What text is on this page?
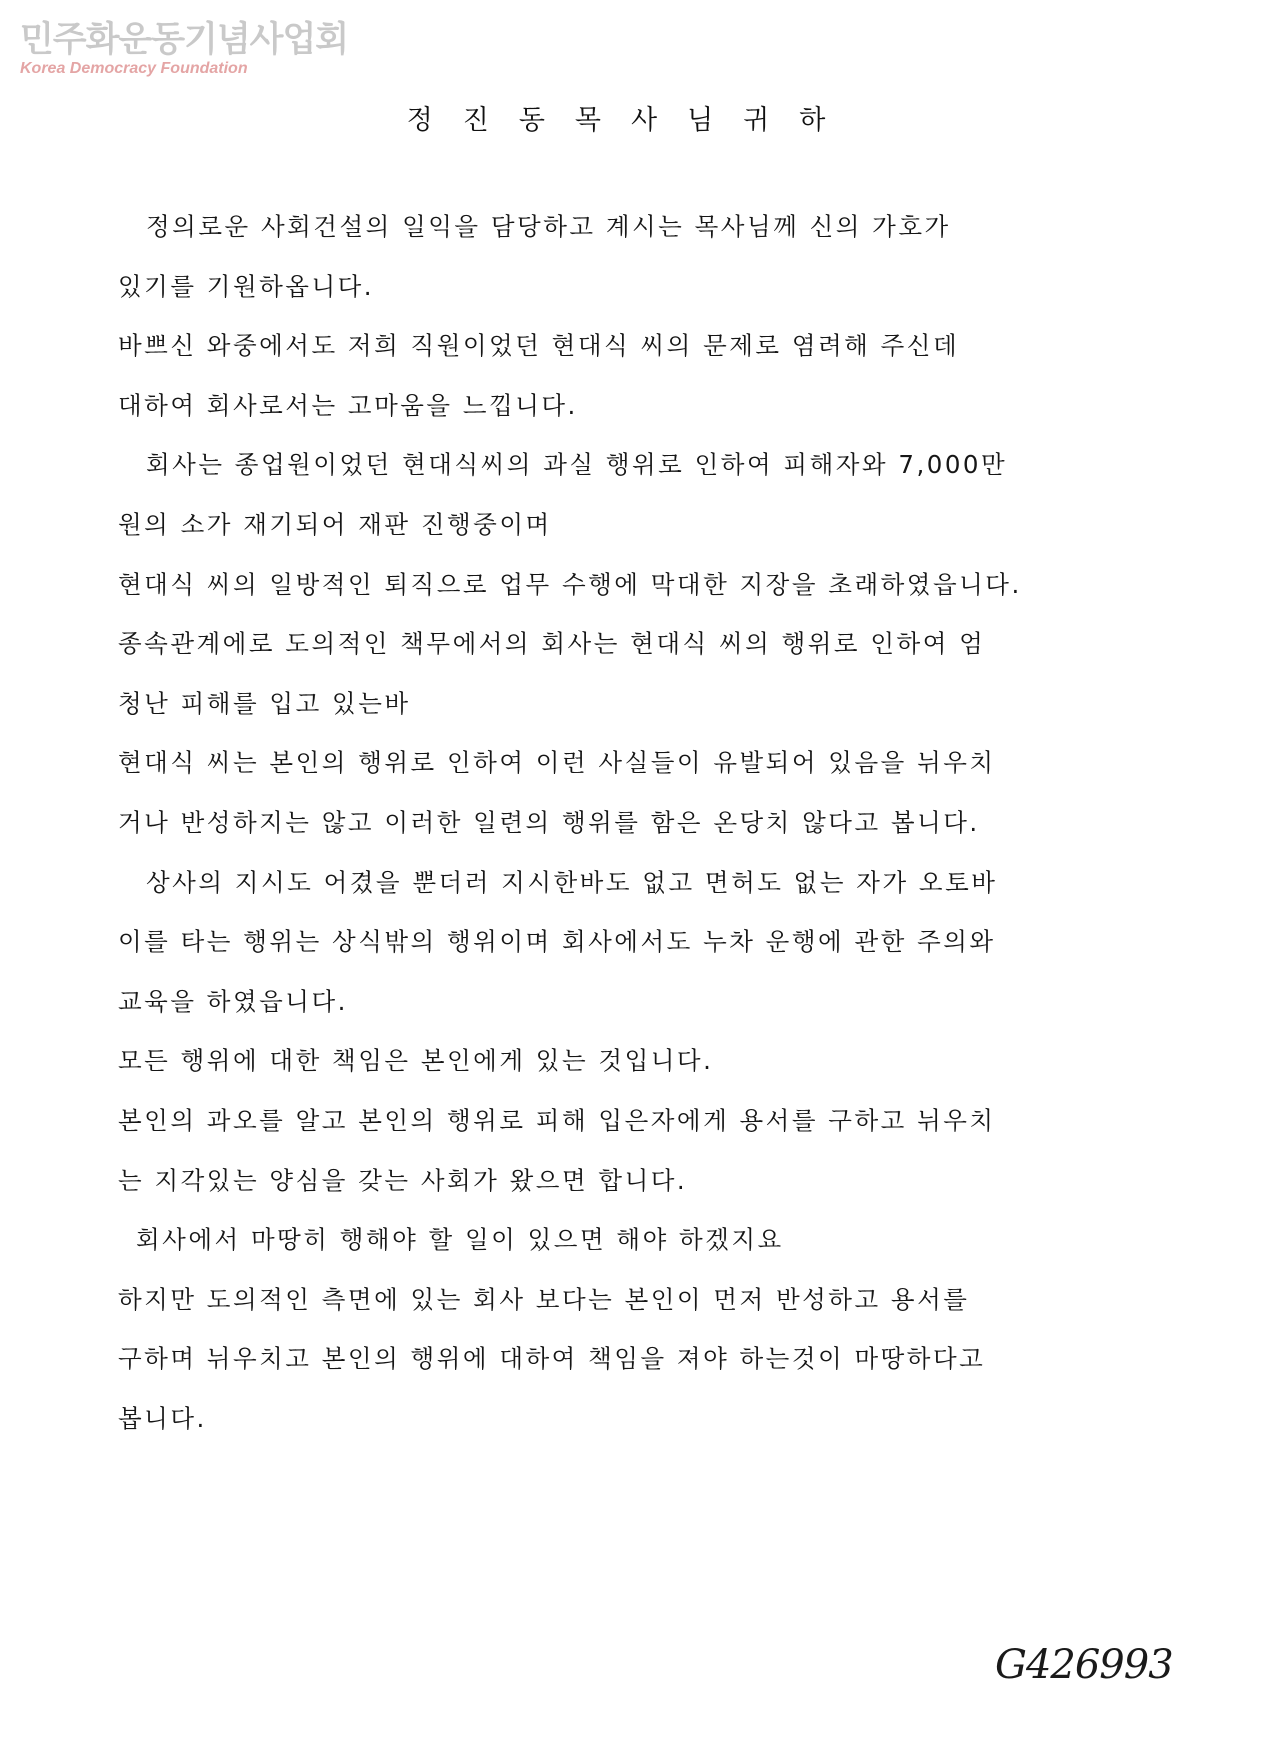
민주화운동기념사업회
Korea Democracy Foundation
정진동목사님귀하
정의로운 사회건설의 일익을 담당하고 계시는 목사님께 신의 가호가
있기를 기원하옵니다.
바쁘신 와중에서도 저희 직원이었던 현대식 씨의 문제로 염려해 주신데
대하여 회사로서는 고마움을 느낍니다.
회사는 종업원이었던 현대식씨의 과실 행위로 인하여 피해자와 7,000만
원의 소가 재기되어 재판 진행중이며
현대식 씨의 일방적인 퇴직으로 업무 수행에 막대한 지장을 초래하였읍니다.
종속관계에로 도의적인 책무에서의 회사는 현대식 씨의 행위로 인하여 엄
청난 피해를 입고 있는바
현대식 씨는 본인의 행위로 인하여 이런 사실들이 유발되어 있음을 뉘우치
거나 반성하지는 않고 이러한 일련의 행위를 함은 온당치 않다고 봅니다.
상사의 지시도 어겼을 뿐더러 지시한바도 없고 면허도 없는 자가 오토바
이를 타는 행위는 상식밖의 행위이며 회사에서도 누차 운행에 관한 주의와
교육을 하였읍니다.
모든 행위에 대한 책임은 본인에게 있는 것입니다.
본인의 과오를 알고 본인의 행위로 피해 입은자에게 용서를 구하고 뉘우치
는 지각있는 양심을 갖는 사회가 왔으면 합니다.
회사에서 마땅히 행해야 할 일이 있으면 해야 하겠지요
하지만 도의적인 측면에 있는 회사 보다는 본인이 먼저 반성하고 용서를
구하며 뉘우치고 본인의 행위에 대하여 책임을 져야 하는것이 마땅하다고
봅니다.
G426993
